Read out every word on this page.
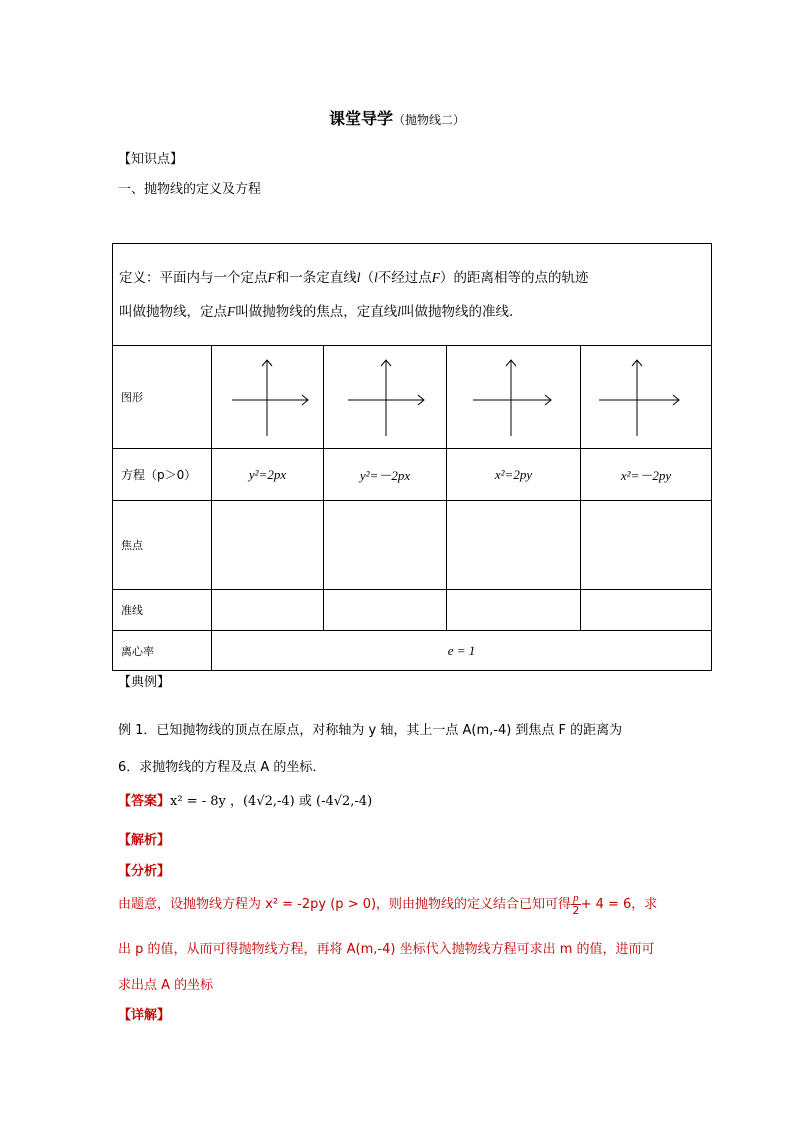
课堂导学（抛物线二）
【知识点】
一、抛物线的定义及方程
定义：平面内与一个定点F和一条定直线l（l不经过点F）的距离相等的点的轨迹
叫做抛物线，定点F叫做抛物线的焦点，定直线l叫做抛物线的准线.				
图形				
方程（p＞0）	y²=2px	y²=－2px	x²=2py	x²=－2py
焦点				
准线				
离心率	e = 1			
【典例】
例 1．已知抛物线的顶点在原点，对称轴为 y 轴，其上一点 A(m,-4) 到焦点 F 的距离为
6．求抛物线的方程及点 A 的坐标．
【答案】x² = - 8y ，(4√2,-4) 或 (-4√2,-4)
【解析】
【分析】
由题意，设抛物线方程为 x² = -2py (p > 0)，则由抛物线的定义结合已知可得 $\frac{p}{2} + 4 = 6$，求
出 p 的值，从而可得抛物线方程，再将 A(m,-4) 坐标代入抛物线方程可求出 m 的值，进而可
求出点 A 的坐标
【详解】
